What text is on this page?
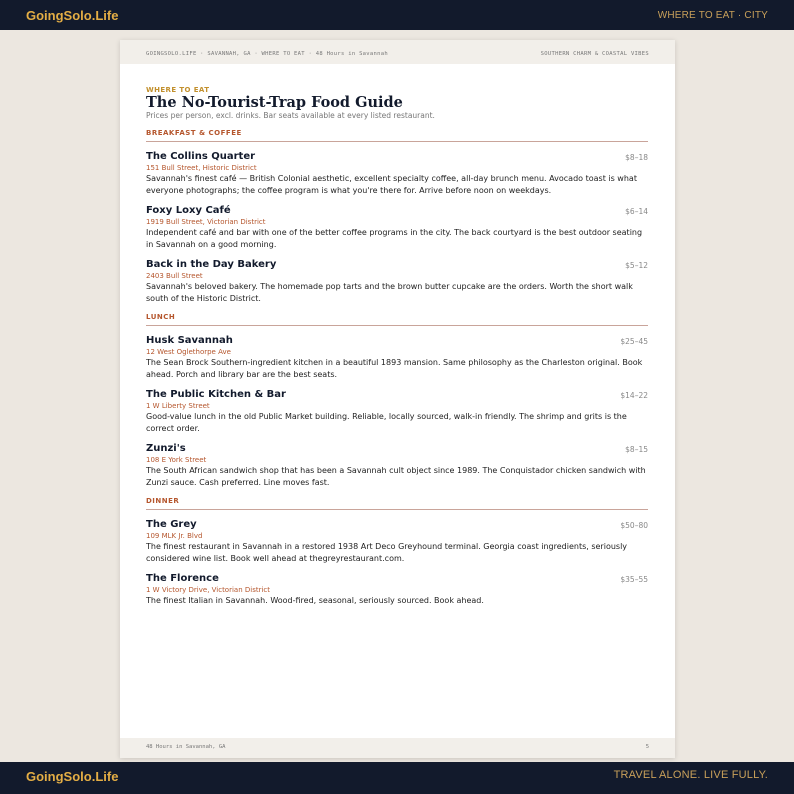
GoingSolo.Life	WHERE TO EAT · CITY
GOINGSOLO.LIFE · SAVANNAH, GA · WHERE TO EAT · 48 Hours in Savannah	SOUTHERN CHARM & COASTAL VIBES
WHERE TO EAT
The No-Tourist-Trap Food Guide
Prices per person, excl. drinks. Bar seats available at every listed restaurant.
BREAKFAST & COFFEE
The Collins Quarter	$8–18
151 Bull Street, Historic District
Savannah's finest café — British Colonial aesthetic, excellent specialty coffee, all-day brunch menu. Avocado toast is what everyone photographs; the coffee program is what you're there for. Arrive before noon on weekdays.
Foxy Loxy Café	$6–14
1919 Bull Street, Victorian District
Independent café and bar with one of the better coffee programs in the city. The back courtyard is the best outdoor seating in Savannah on a good morning.
Back in the Day Bakery	$5–12
2403 Bull Street
Savannah's beloved bakery. The homemade pop tarts and the brown butter cupcake are the orders. Worth the short walk south of the Historic District.
LUNCH
Husk Savannah	$25–45
12 West Oglethorpe Ave
The Sean Brock Southern-ingredient kitchen in a beautiful 1893 mansion. Same philosophy as the Charleston original. Book ahead. Porch and library bar are the best seats.
The Public Kitchen & Bar	$14–22
1 W Liberty Street
Good-value lunch in the old Public Market building. Reliable, locally sourced, walk-in friendly. The shrimp and grits is the correct order.
Zunzi's	$8–15
108 E York Street
The South African sandwich shop that has been a Savannah cult object since 1989. The Conquistador chicken sandwich with Zunzi sauce. Cash preferred. Line moves fast.
DINNER
The Grey	$50–80
109 MLK Jr. Blvd
The finest restaurant in Savannah in a restored 1938 Art Deco Greyhound terminal. Georgia coast ingredients, seriously considered wine list. Book well ahead at thegreyrestaurant.com.
The Florence	$35–55
1 W Victory Drive, Victorian District
The finest Italian in Savannah. Wood-fired, seasonal, seriously sourced. Book ahead.
48 Hours in Savannah, GA	5
GoingSolo.Life	TRAVEL ALONE. LIVE FULLY.
